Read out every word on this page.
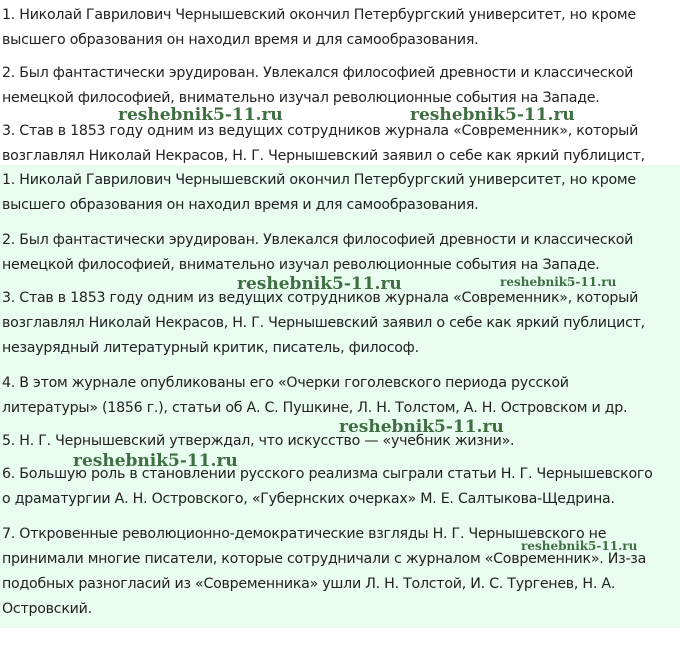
1. Николай Гаврилович Чернышевский окончил Петербургский университет, но кроме
высшего образования он находил время и для самообразования.

2. Был фантастически эрудирован. Увлекался философией древности и классической
немецкой философией, внимательно изучал революционные события на Западе.

3. Став в 1853 году одним из ведущих сотрудников журнала «Современник», который
возглавлял Николай Некрасов, Н. Г. Чернышевский заявил о себе как яркий публицист,

reshebnik5-11.ru	reshebnik5-11.ru

1. Николай Гаврилович Чернышевский окончил Петербургский университет, но кроме
высшего образования он находил время и для самообразования.

2. Был фантастически эрудирован. Увлекался философией древности и классической
немецкой философией, внимательно изучал революционные события на Западе.

3. Став в 1853 году одним из ведущих сотрудников журнала «Современник», который
возглавлял Николай Некрасов, Н. Г. Чернышевский заявил о себе как яркий публицист,
незаурядный литературный критик, писатель, философ.

4. В этом журнале опубликованы его «Очерки гоголевского периода русской
литературы» (1856 г.), статьи об А. С. Пушкине, Л. Н. Толстом, А. Н. Островском и др.

5. Н. Г. Чернышевский утверждал, что искусство — «учебник жизни».

6. Большую роль в становлении русского реализма сыграли статьи Н. Г. Чернышевского
о драматургии А. Н. Островского, «Губернских очерках» М. Е. Салтыкова-Щедрина.

7. Откровенные революционно-демократические взгляды Н. Г. Чернышевского не
принимали многие писатели, которые сотрудничали с журналом «Современник». Из-за
подобных разногласий из «Современника» ушли Л. Н. Толстой, И. С. Тургенев, Н. А.
Островский.

reshebnik5-11.ru	reshebnik5-11.ru
reshebnik5-11.ru
reshebnik5-11.ru
reshebnik5-11.ru
